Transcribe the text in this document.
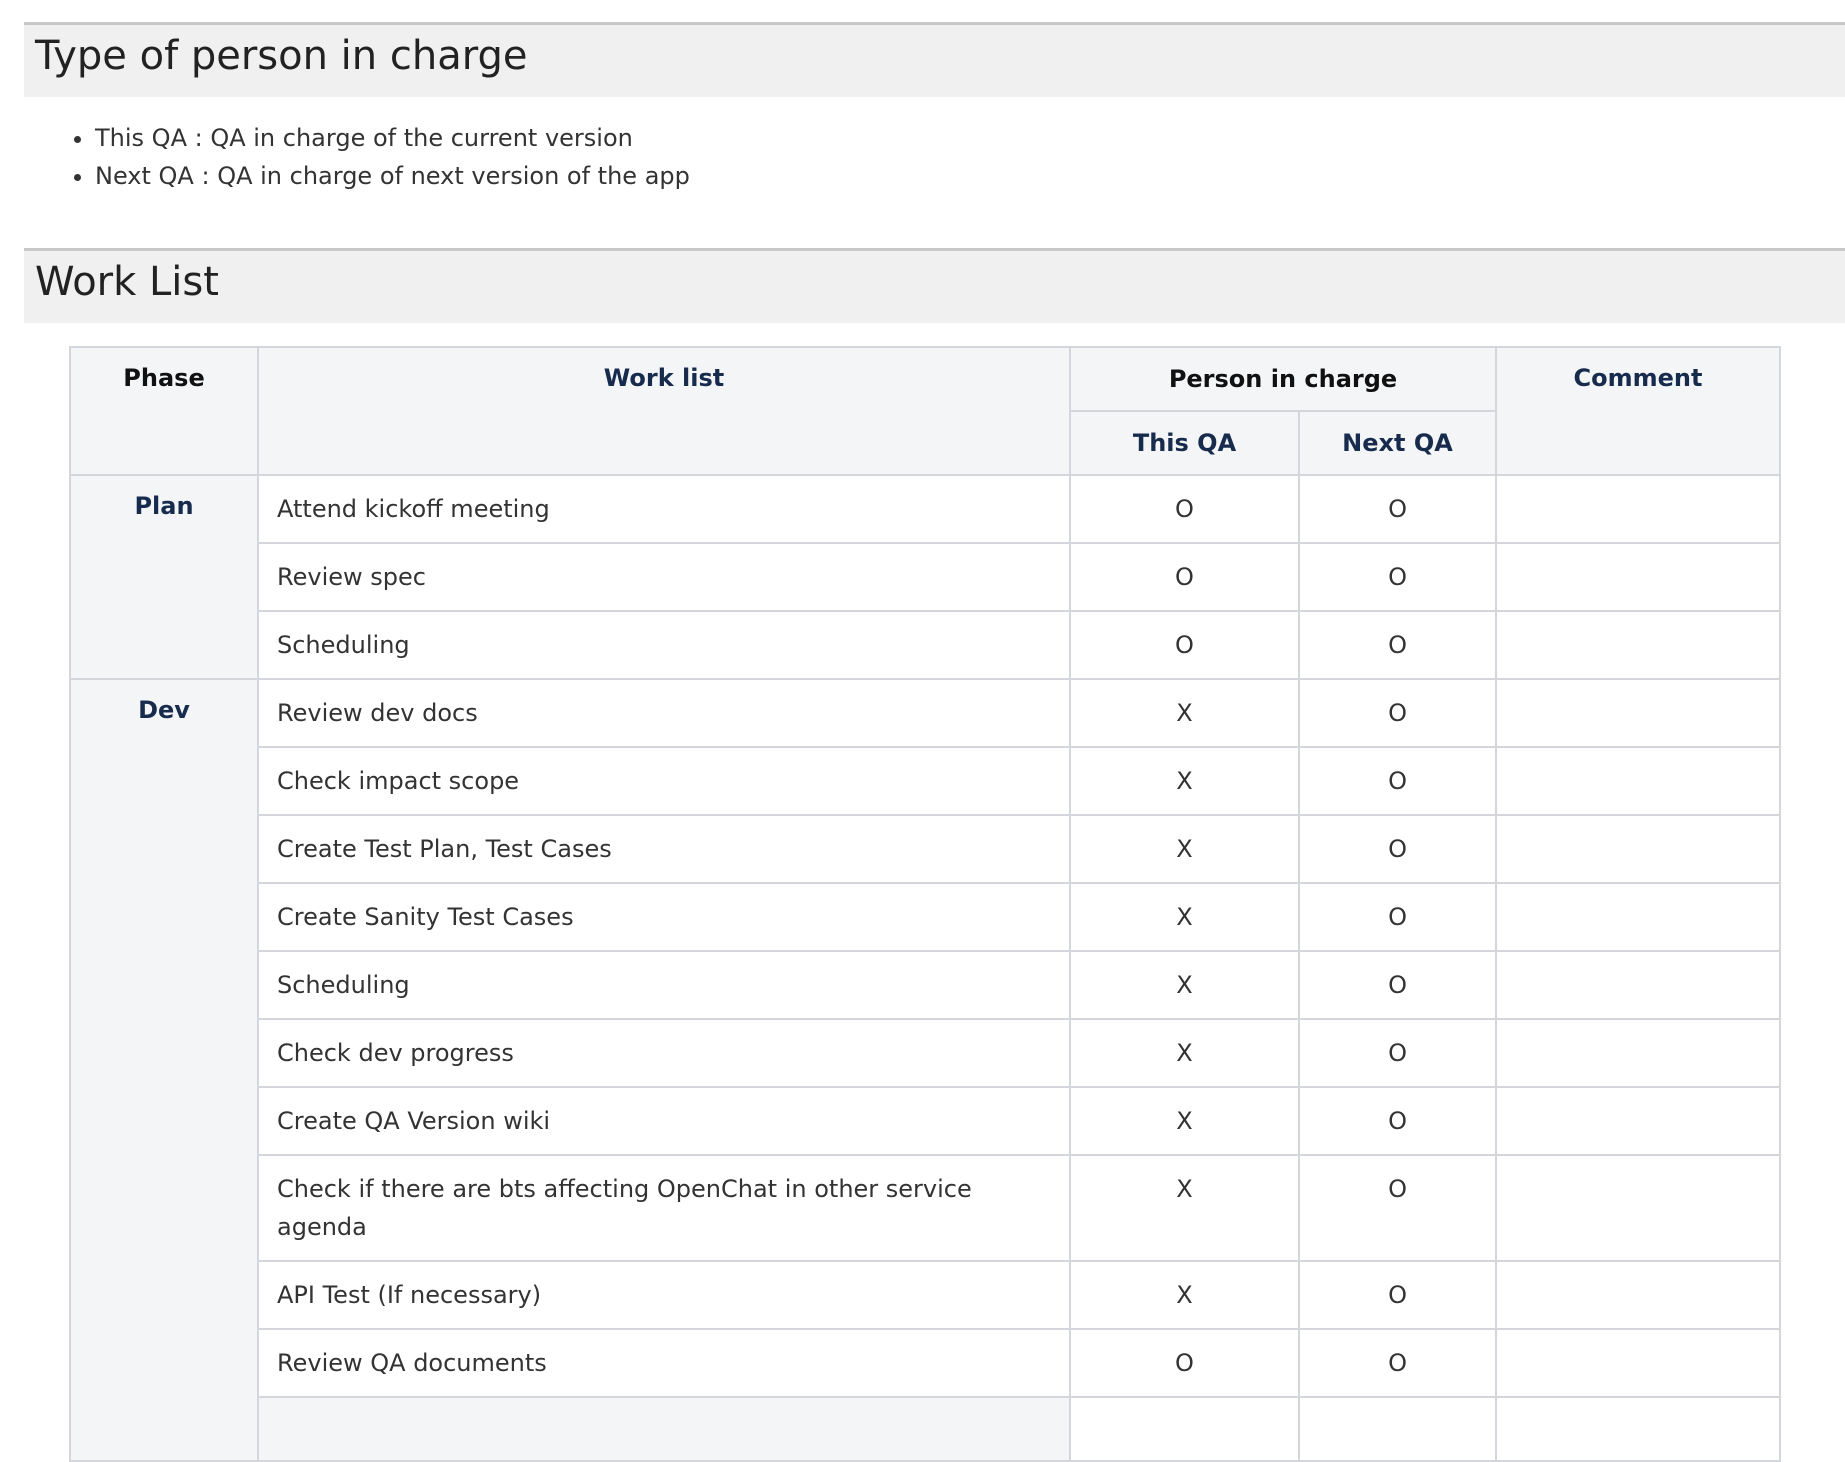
Type of person in charge
• This QA : QA in charge of the current version
• Next QA : QA in charge of next version of the app
Work List
Phase	Work list	Person in charge		Comment	
		This QA	Next QA		
Plan	Attend kickoff meeting	O	O		
	Review spec	O	O		
	Scheduling	O	O		
Dev	Review dev docs	X	O		
	Check impact scope	X	O		
	Create Test Plan, Test Cases	X	O		
	Create Sanity Test Cases	X	O		
	Scheduling	X	O		
	Check dev progress	X	O		
	Create QA Version wiki	X	O		
	Check if there are bts affecting OpenChat in other service agenda	X	O		
	API Test (If necessary)	X	O		
	Review QA documents	O	O		
